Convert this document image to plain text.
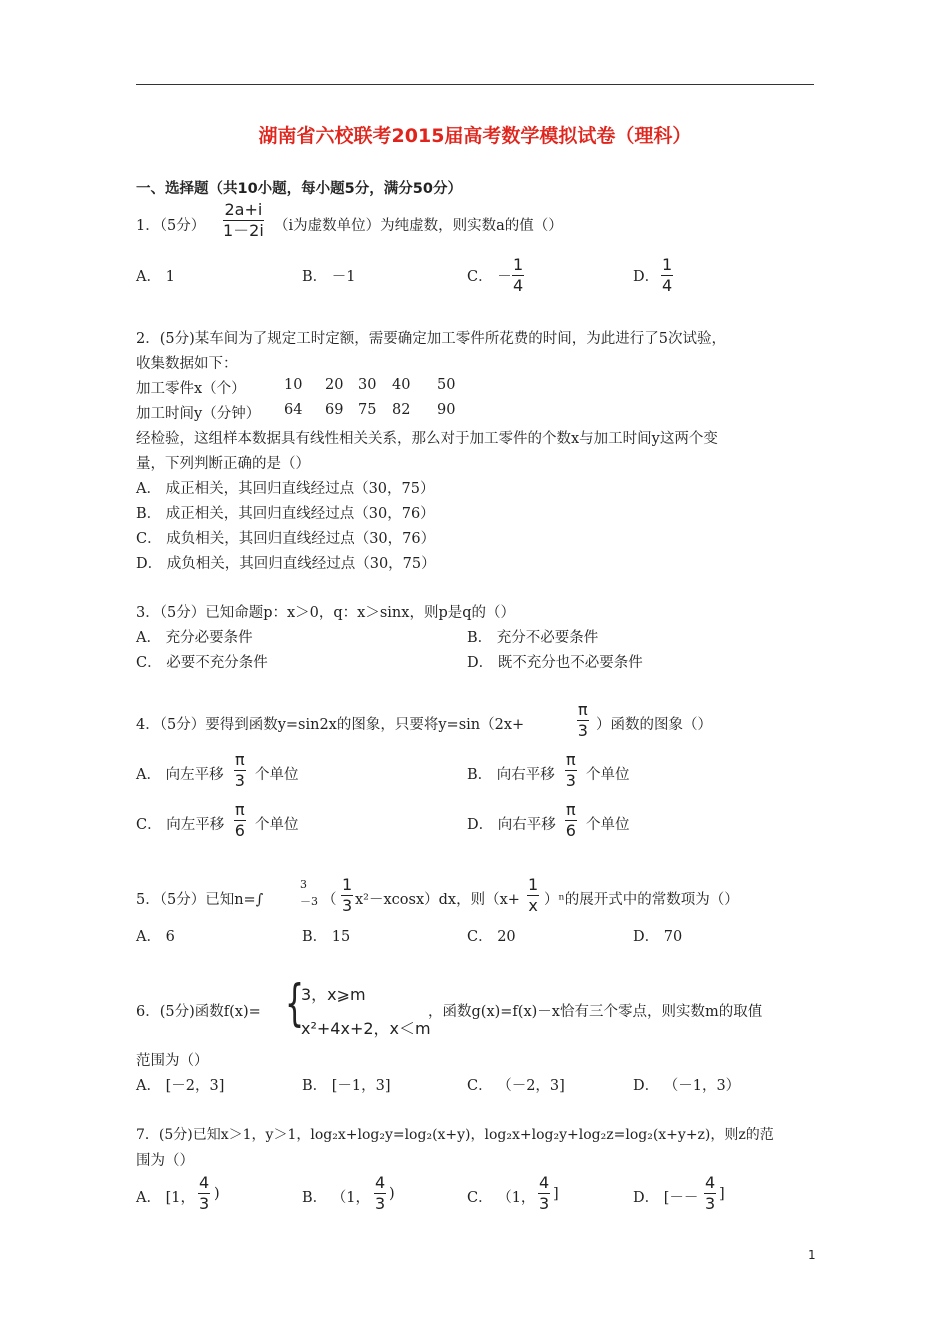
湖南省六校联考2015届高考数学模拟试卷（理科）
一、选择题（共10小题，每小题5分，满分50分）
1．（5分） $\frac{2a+i}{1-2i} (i$为虚数单位）为纯虚数，则实数a的值（）
A． 1	B． －1	C． － $\frac{1}{4}$	D． $\frac{1}{4}$
2．(5分)某车间为了规定工时定额，需要确定加工零件所花费的时间，为此进行了5次试验，
收集数据如下：
加工零件x（个）	10 20 30 40 50
加工时间y（分钟） 64 69 75 82 90
经检验，这组样本数据具有线性相关关系，那么对于加工零件的个数x与加工时间y这两个变
量，下列判断正确的是（）
A． 成正相关，其回归直线经过点（30，75）
B． 成正相关，其回归直线经过点（30，76）
C． 成负相关，其回归直线经过点（30，76）
D． 成负相关，其回归直线经过点（30，75）
3．（5分）已知命题p：x＞0，q：x＞sinx，则p是q的（）
A． 充分必要条件	B． 充分不必要条件
C． 必要不充分条件	D． 既不充分也不必要条件
4．（5分）要得到函数y=sin2x的图象，只要将y=sin（2x+	$\frac{\pi}{3}$ ）函数的图象（）
A． 向左平移 $\frac{\pi}{3}$ 个单位	B． 向右平移 $\frac{\pi}{3}$ 个单位
C． 向左平移 $\frac{\pi}{6}$ 个单位	D． 向右平移 $\frac{\pi}{6}$ 个单位
5．（5分）已知n=∫
3
－3 （ $\frac{1}{3} x^2-xcosx)dx$，则$(x+ \frac{1}{x} )^n$的展开式中的常数项为（）
A． 6	B． 15	C． 20	D． 70
6．(5分)函数f(x)= {
3，x⩾m
x²+4x+2，x＜m
，函数g(x)=f(x)－x恰有三个零点，则实数m的取值
范围为（）
A． [－2，3]	B． [－1，3]	C． （－2，3]	D． （－1，3）
7．(5分)已知x＞1，y＞1，log₂x+log₂y=log₂(x+y)，log₂x+log₂y+log₂z=log₂(x+y+z)，则z的范
围为（）
A． [1， $\frac{4}{3}$ )	B． （1， $\frac{4}{3}$ )	C． （1， $\frac{4}{3}$ ]	D． [－－ $\frac{4}{3}$ ]
1
